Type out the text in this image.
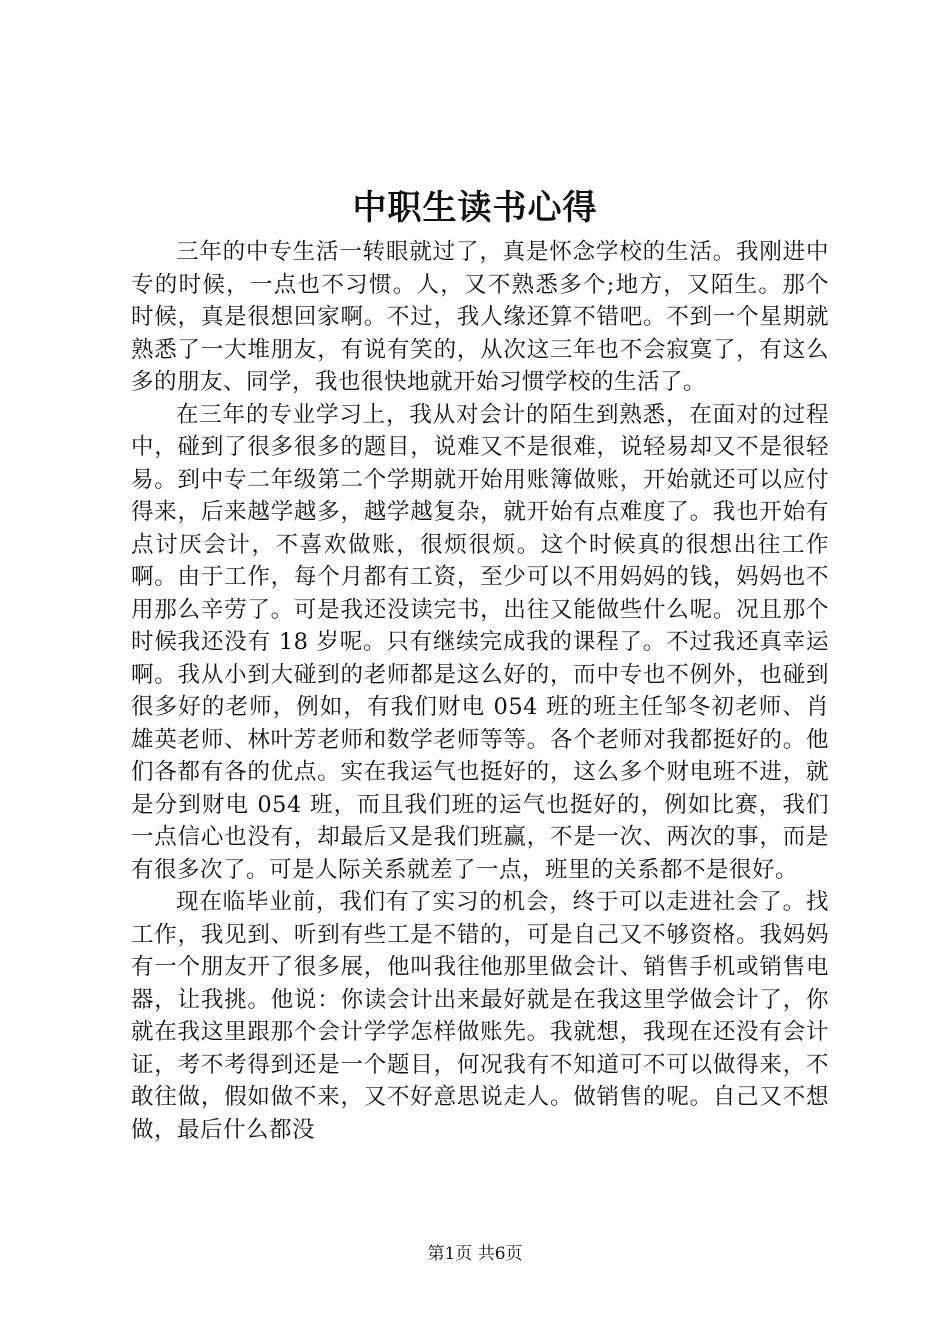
中职生读书心得

三年的中专生活一转眼就过了，真是怀念学校的生活。我刚进中专的时候，一点也不习惯。人，又不熟悉多个;地方，又陌生。那个时候，真是很想回家啊。不过，我人缘还算不错吧。不到一个星期就熟悉了一大堆朋友，有说有笑的，从次这三年也不会寂寞了，有这么多的朋友、同学，我也很快地就开始习惯学校的生活了。

在三年的专业学习上，我从对会计的陌生到熟悉，在面对的过程中，碰到了很多很多的题目，说难又不是很难，说轻易却又不是很轻易。到中专二年级第二个学期就开始用账簿做账，开始就还可以应付得来，后来越学越多，越学越复杂，就开始有点难度了。我也开始有点讨厌会计，不喜欢做账，很烦很烦。这个时候真的很想出往工作啊。由于工作，每个月都有工资，至少可以不用妈妈的钱，妈妈也不用那么辛劳了。可是我还没读完书，出往又能做些什么呢。况且那个时候我还没有 18 岁呢。只有继续完成我的课程了。不过我还真幸运啊。我从小到大碰到的老师都是这么好的，而中专也不例外，也碰到很多好的老师，例如，有我们财电 054 班的班主任邹冬初老师、肖雄英老师、林叶芳老师和数学老师等等。各个老师对我都挺好的。他们各都有各的优点。实在我运气也挺好的，这么多个财电班不进，就是分到财电 054 班，而且我们班的运气也挺好的，例如比赛，我们一点信心也没有，却最后又是我们班赢，不是一次、两次的事，而是有很多次了。可是人际关系就差了一点，班里的关系都不是很好。

现在临毕业前，我们有了实习的机会，终于可以走进社会了。找工作，我见到、听到有些工是不错的，可是自己又不够资格。我妈妈有一个朋友开了很多展，他叫我往他那里做会计、销售手机或销售电器，让我挑。他说：你读会计出来最好就是在我这里学做会计了，你就在我这里跟那个会计学学怎样做账先。我就想，我现在还没有会计证，考不考得到还是一个题目，何况我有不知道可不可以做得来，不敢往做，假如做不来，又不好意思说走人。做销售的呢。自己又不想做，最后什么都没

第1页 共6页
